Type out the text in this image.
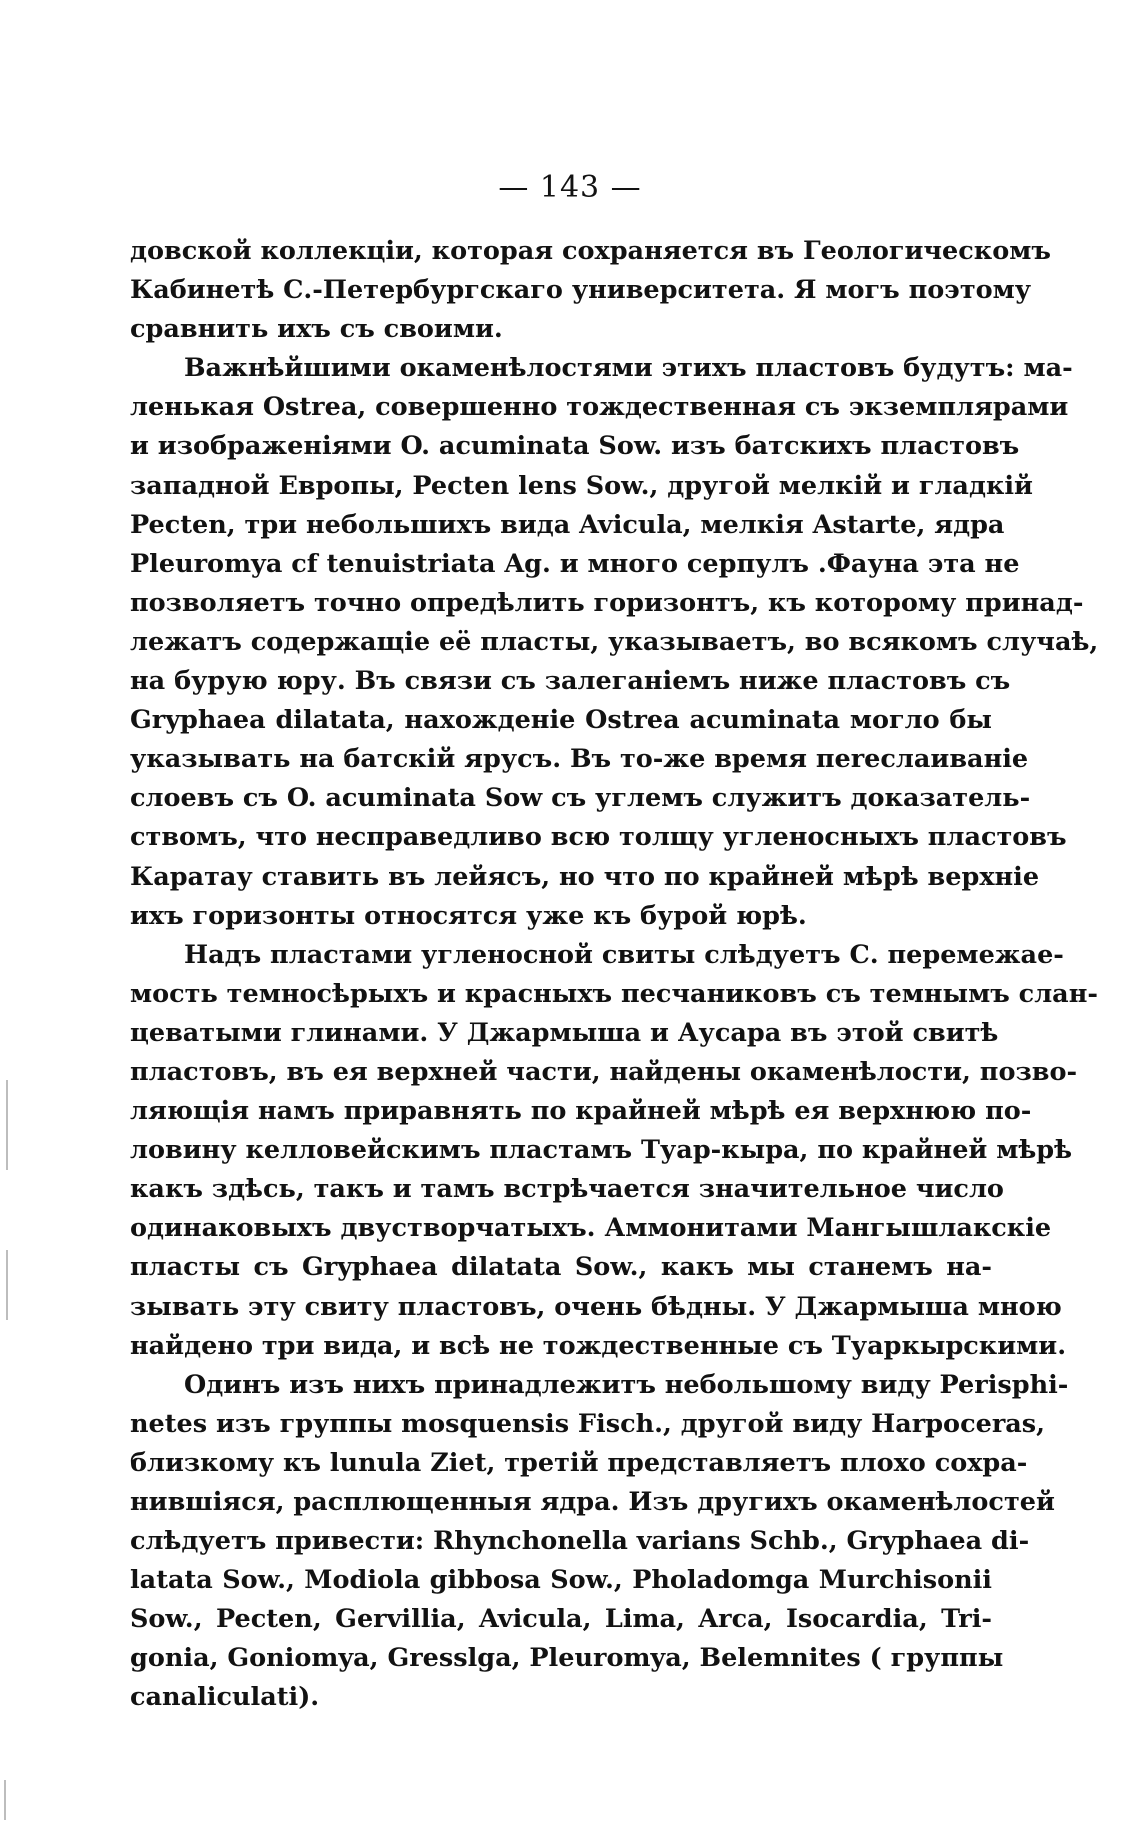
— 143 —
довской коллекціи, которая сохраняется въ Геологическомъ
Кабинетѣ С.-Петербургскаго университета. Я могъ поэтому
сравнить ихъ съ своими.
Важнѣйшими окаменѣлостями этихъ пластовъ будутъ: ма-
ленькая Ostrea, совершенно тождественная съ экземплярами
и изображеніями O. acuminata Sow. изъ батскихъ пластовъ
западной Европы, Pecten lens Sow., другой мелкій и гладкій
Pecten, три небольшихъ вида Avicula, мелкія Astarte, ядра
Pleuromya cf tenuistriata Ag. и много серпулъ .Фауна эта не
позволяетъ точно опредѣлить горизонтъ, къ которому принад-
лежатъ содержащіе её пласты, указываетъ, во всякомъ случаѣ,
на бурую юру. Въ связи съ залеганіемъ ниже пластовъ съ
Gryphaea dilatata, нахожденіе Ostrea acuminata могло бы
указывать на батскій ярусъ. Въ то-же время пereслаиваніе
слоевъ съ O. acuminata Sow съ углемъ служитъ доказатель-
ствомъ, что несправедливо всю толщу угленосныхъ пластовъ
Каратау ставить въ лейясъ, но что по крайней мѣрѣ верхніе
ихъ горизонты относятся уже къ бурой юрѣ.
Надъ пластами угленосной свиты слѣдуетъ С. перемежае-
мость темносѣрыхъ и красныхъ песчаниковъ съ темнымъ слан-
цеватыми глинами. У Джармыша и Аусара въ этой свитѣ
пластовъ, въ ея верхней части, найдены окаменѣлости, позво-
ляющія намъ приравнять по крайней мѣрѣ ея верхнюю по-
ловину келловейскимъ пластамъ Туар-кыра, по крайней мѣрѣ
какъ здѣсь, такъ и тамъ встрѣчается значительное число
одинаковыхъ двустворчатыхъ. Аммонитами Мангышлакскіе
пласты съ Gryphaea dilatata Sow., какъ мы станемъ на-
зывать эту свиту пластовъ, очень бѣдны. У Джармыша мною
найдено три вида, и всѣ не тождественные съ Туаркырскими.
Одинъ изъ нихъ принадлежитъ небольшому виду Perisphi-
netes изъ группы mosquensis Fisch., другой виду Harpoceras,
близкому къ lunula Ziet, третій представляетъ плохо сохра-
нившіяся, расплющенныя ядра. Изъ другихъ окаменѣлостей
слѣдуетъ привести: Rhynchonella varians Schb., Gryphaea di-
latata Sow., Modiola gibbosa Sow., Pholadomga Murchisonii
Sow., Pecten, Gervillia, Avicula, Lima, Arca, Isocardia, Tri-
gonia, Goniomya, Gresslga, Pleuromya, Belemnites ( группы
canaliculati).
